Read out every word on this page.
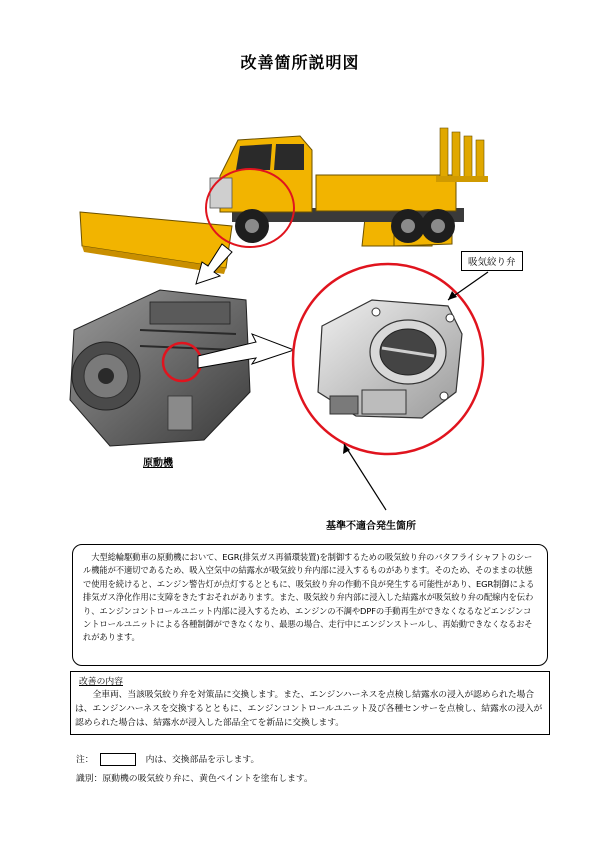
改善箇所説明図
吸気絞り弁
原動機
基準不適合発生箇所

大型総輪駆動車の原動機において、EGR(排気ガス再循環装置)を制御するための吸気絞り弁のバタフライシャフトのシール機能が不適切であるため、吸入空気中の結露水が吸気絞り弁内部に浸入するものがあります。そのため、そのままの状態で使用を続けると、エンジン警告灯が点灯するとともに、吸気絞り弁の作動不良が発生する可能性があり、EGR制御による排気ガス浄化作用に支障をきたすおそれがあります。また、吸気絞り弁内部に浸入した結露水が吸気絞り弁の配線内を伝わり、エンジンコントロールユニット内部に浸入するため、エンジンの不調やDPFの手動再生ができなくなるなどエンジンコントロールユニットによる各種制御ができなくなり、最悪の場合、走行中にエンジンストールし、再始動できなくなるおそれがあります。

改善の内容

全車両、当該吸気絞り弁を対策品に交換します。また、エンジンハーネスを点検し結露水の浸入が認められた場合は、エンジンハーネスを交換するとともに、エンジンコントロールユニット及び各種センサーを点検し、結露水の浸入が認められた場合は、結露水が浸入した部品全てを新品に交換します。

注：	内は、交換部品を示します。
識別：原動機の吸気絞り弁に、黄色ペイントを塗布します。
